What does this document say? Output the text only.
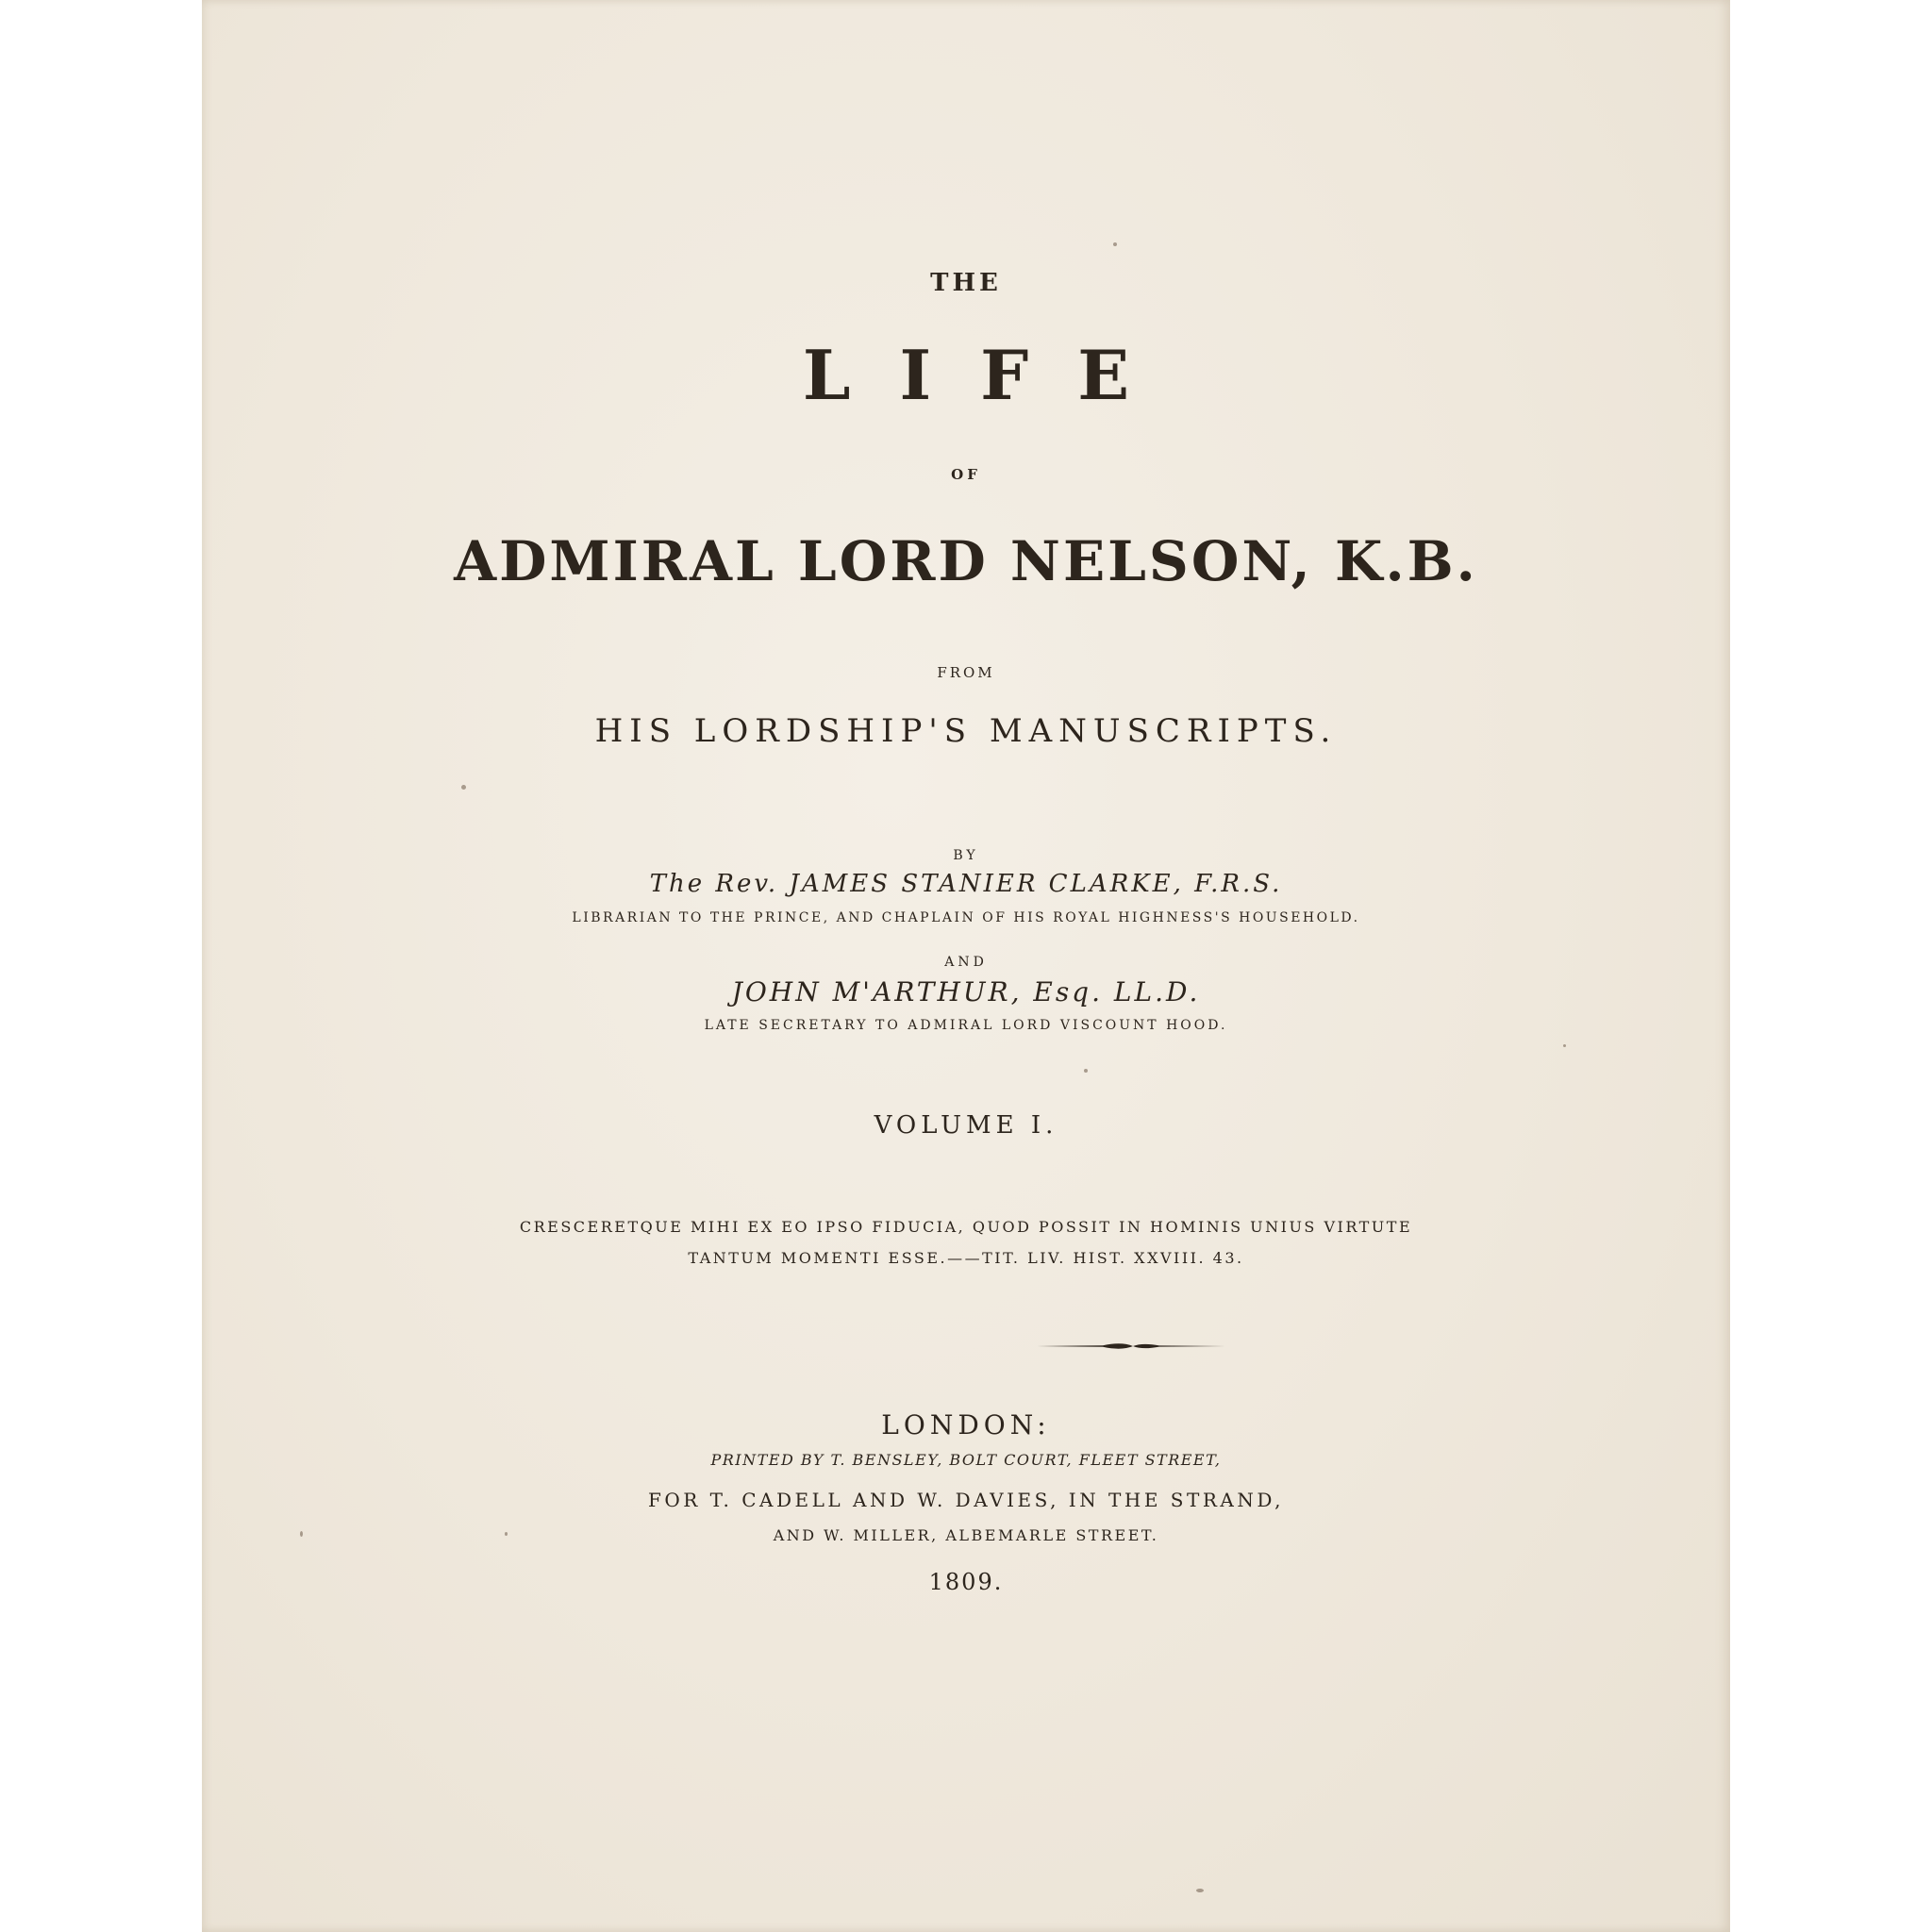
THE

LIFE

OF

ADMIRAL LORD NELSON, K.B.

FROM

HIS LORDSHIP'S MANUSCRIPTS.

BY

The Rev. JAMES STANIER CLARKE, F.R.S.

LIBRARIAN TO THE PRINCE, AND CHAPLAIN OF HIS ROYAL HIGHNESS'S HOUSEHOLD.

AND

JOHN M'ARTHUR, Esq. LL.D.

LATE SECRETARY TO ADMIRAL LORD VISCOUNT HOOD.

VOLUME I.

CRESCERETQUE MIHI EX EO IPSO FIDUCIA, QUOD POSSIT IN HOMINIS UNIUS VIRTUTE

TANTUM MOMENTI ESSE.——TIT. LIV. HIST. XXVIII. 43.

LONDON:

PRINTED BY T. BENSLEY, BOLT COURT, FLEET STREET,

FOR T. CADELL AND W. DAVIES, IN THE STRAND,

AND W. MILLER, ALBEMARLE STREET.

1809.
